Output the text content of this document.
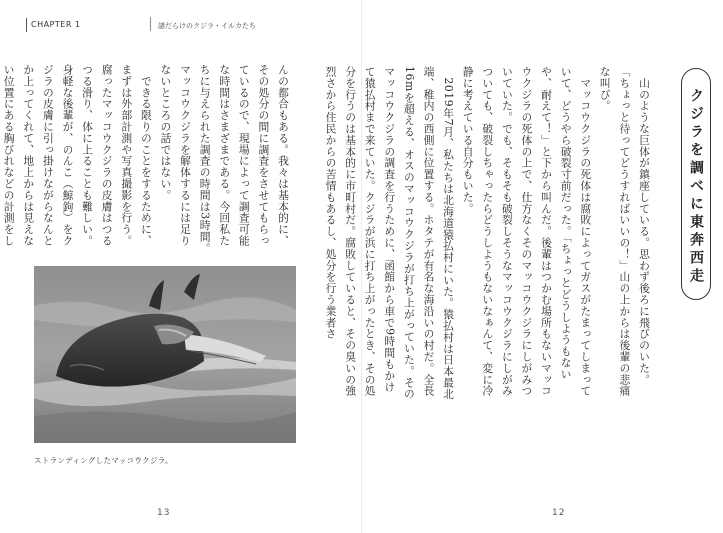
CHAPTER 1	謎だらけのクジラ・イルカたち
んの都合もある。我々は基本的に、その処分の間に調査をさせてもらっているので、現場によって調査可能な時間はさまざまである。今回私たちに与えられた調査の時間は3時間。マッコウクジラを解体するには足りないところの話ではない。
　できる限りのことをするために、まずは外部計測や写真撮影を行う。腐ったマッコウクジラの皮膚はつるつる滑り、体に上ることも難しい。身軽な後輩が、のんこ（鯨鉤）をクジラの皮膚に引っ掛けながらなんとか上ってくれて、地上からは見えない位置にある胸びれなどの計測をし
ストランディングしたマッコウクジラ。
13
クジラを調べに東奔西走
　山のような巨体が鎮座している。思わず後ろに飛びのいた。「ちょっと待ってどうすればいいの！」山の上からは後輩の悲痛な叫び。
　マッコウクジラの死体は腐敗によってガスがたまってしまっていて、どうやら破裂寸前だった。「ちょっとどうしようもないや、耐えて！」と下から叫んだ。後輩はつかむ場所もないマッコウクジラの死体の上で、仕方なくそのマッコウクジラにしがみついていた。でも、そもそも破裂しそうなマッコウクジラにしがみついても、破裂しちゃったらどうしようもないなぁんて、変に冷静に考えている自分もいた。
　2019年7月、私たちは北海道猿払村にいた。猿払村は日本最北端、稚内の西側に位置する。ホタテが有名な海沿いの村だ。全長16mを超える、オスのマッコウクジラが打ち上がっていた。そのマッコウクジラの調査を行うために、函館から車で9時間もかけて猿払村まで来ていた。クジラが浜に打ち上がったとき、その処分を行うのは基本的に市町村だ。腐敗していると、その臭いの強烈さから住民からの苦情もあるし、処分を行う業者さ
12
